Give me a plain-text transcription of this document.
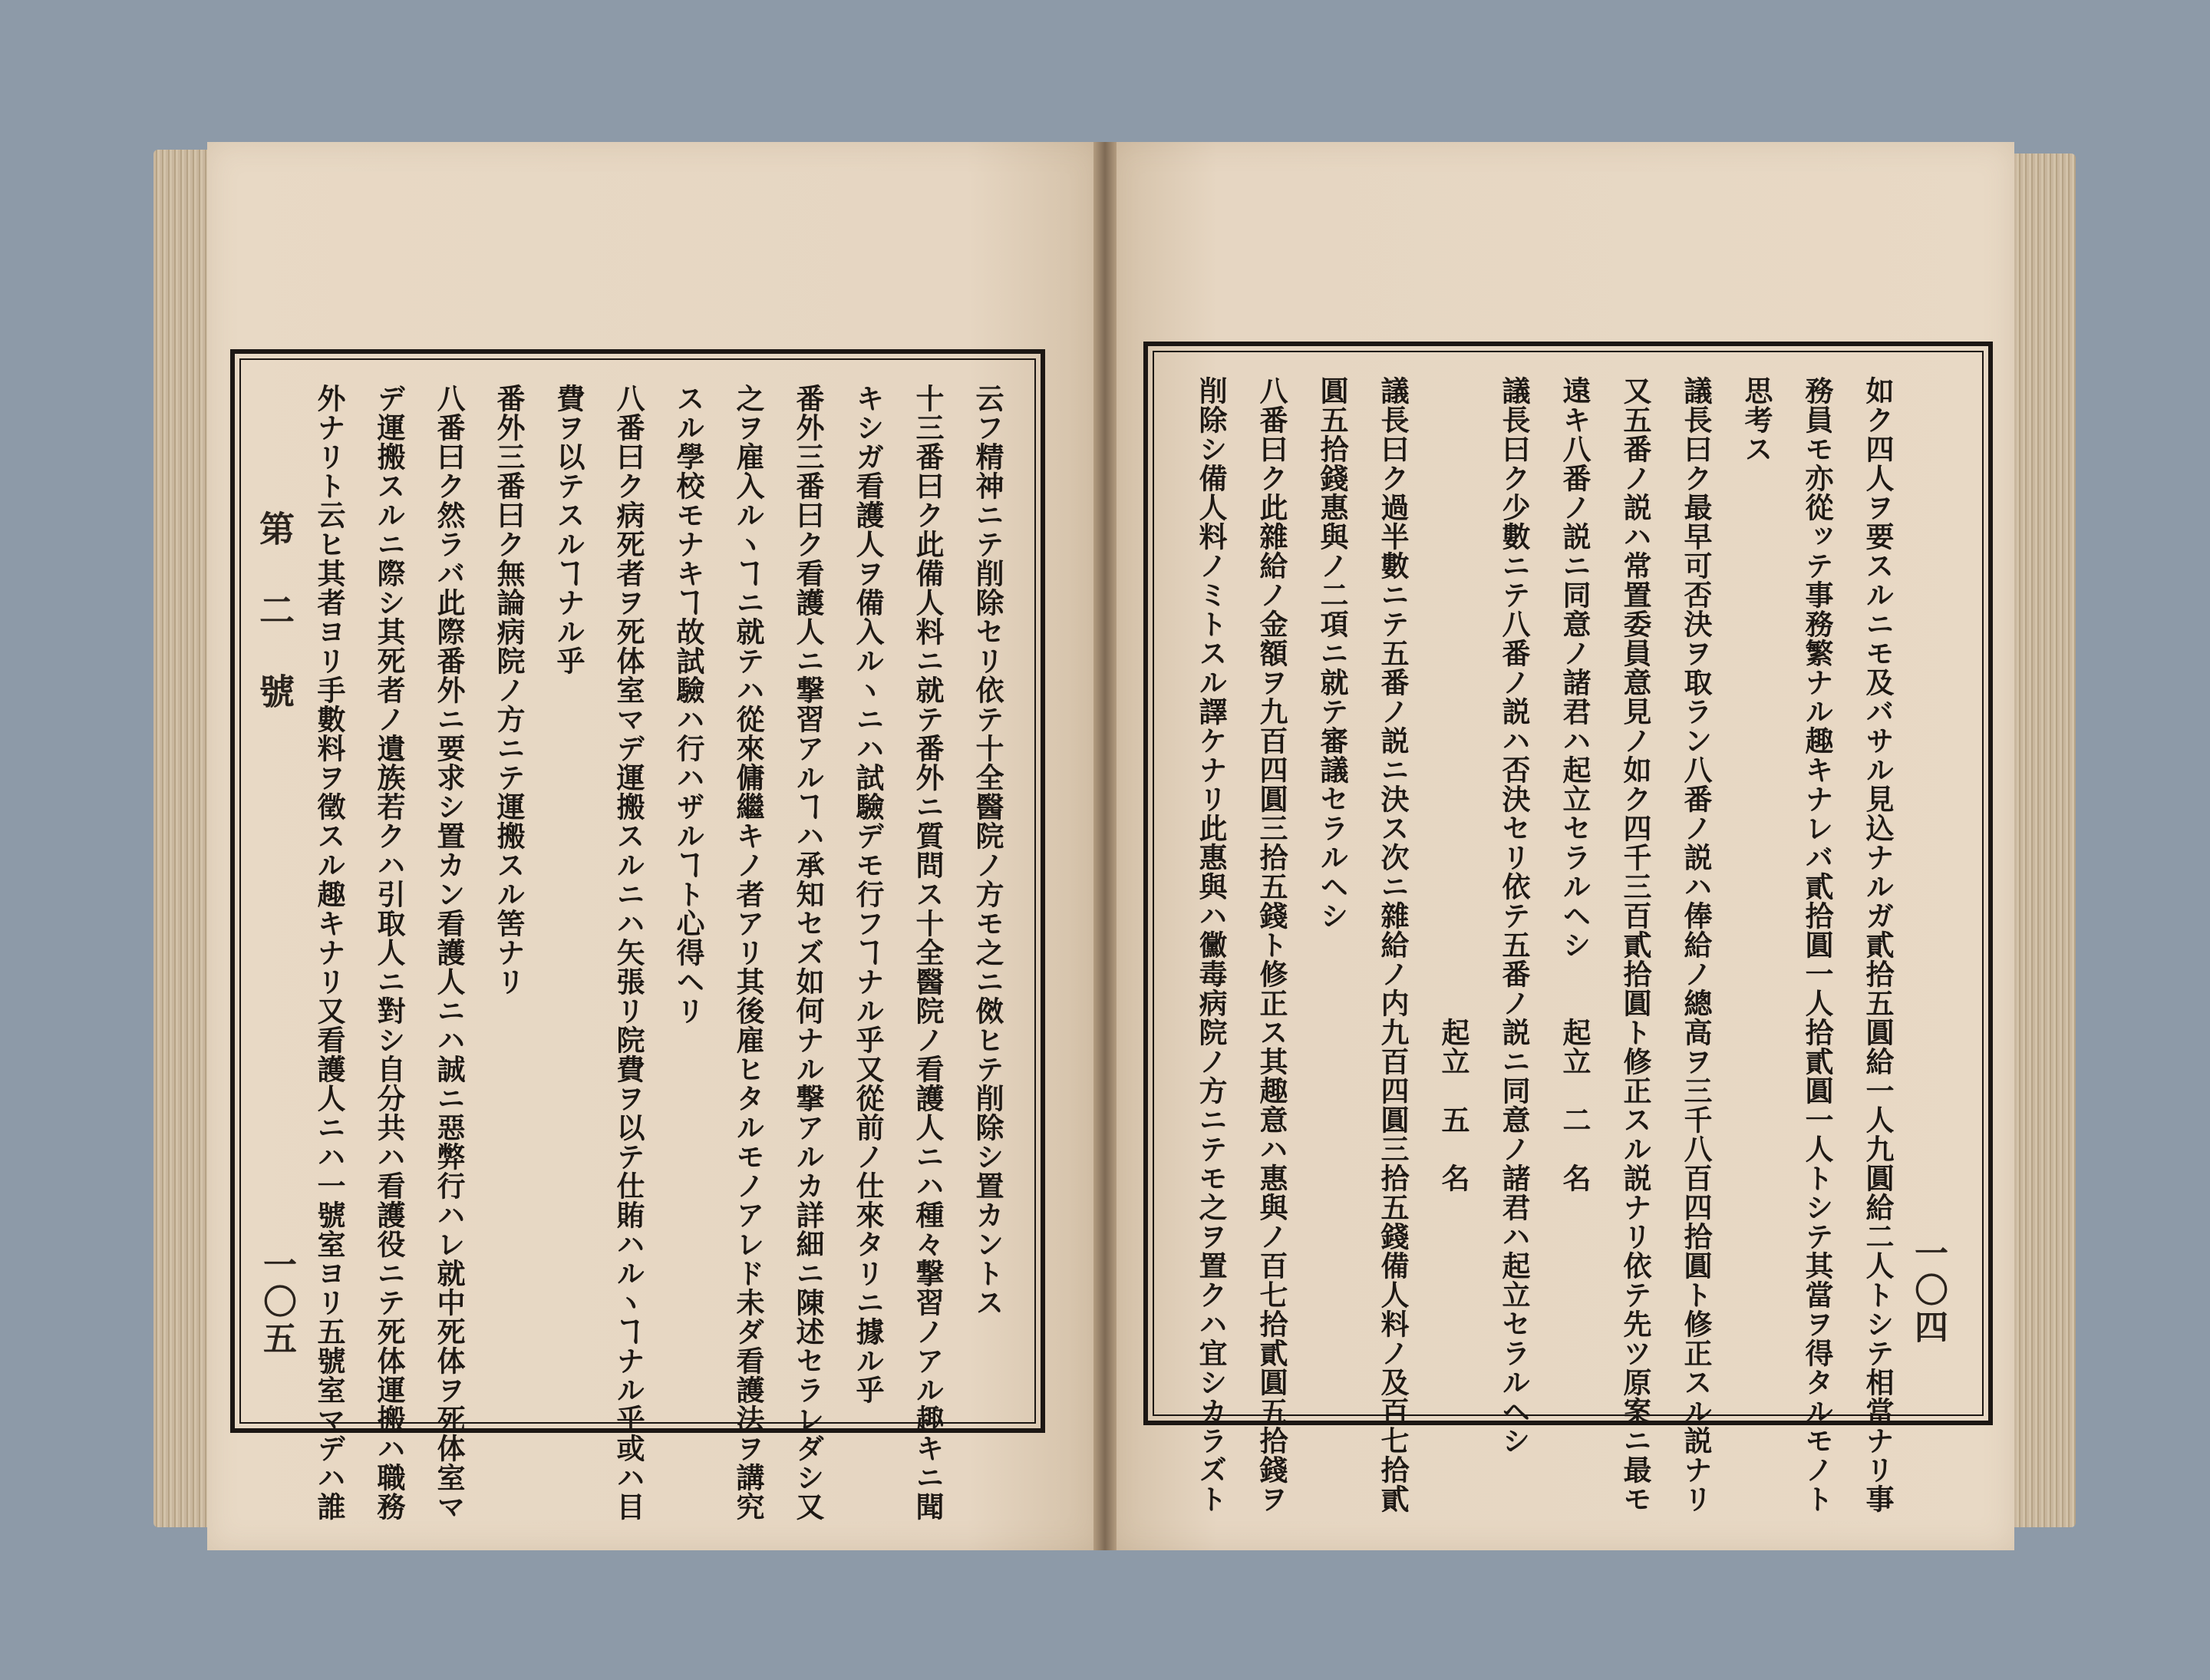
第二號
一〇五	云フ精神ニテ削除セリ依テ十全醫院ノ方モ之ニ傚ヒテ削除シ置カントス
十三番曰ク此備人料ニ就テ番外ニ質問ス十全醫院ノ看護人ニハ種々撃習ノアル趣キニ聞
キシガ看護人ヲ備入ルヽニハ試驗デモ行フヿナル乎又從前ノ仕來タリニ據ル乎
番外三番曰ク看護人ニ撃習アルヿハ承知セズ如何ナル撃アルカ詳細ニ陳述セラレダシ又
之ヲ雇入ルヽヿニ就テハ從來傭繼キノ者アリ其後雇ヒタルモノアレド未ダ看護法ヲ講究
スル學校モナキヿ故試驗ハ行ハザルヿト心得ヘリ
八番曰ク病死者ヲ死体室マデ運搬スルニハ矢張リ院費ヲ以テ仕賄ハルヽヿナル乎或ハ目
費ヲ以テスルヿナル乎
番外三番曰ク無論病院ノ方ニテ運搬スル筈ナリ
八番曰ク然ラバ此際番外ニ要求シ置カン看護人ニハ誠ニ惡弊行ハレ就中死体ヲ死体室マ
デ運搬スルニ際シ其死者ノ遺族若クハ引取人ニ對シ自分共ハ看護役ニテ死体運搬ハ職務
外ナリト云ヒ其者ヨリ手數料ヲ徵スル趣キナリ又看護人ニハ一號室ヨリ五號室マデハ誰	一〇四
如ク四人ヲ要スルニモ及バサル見込ナルガ貳拾五圓給一人九圓給二人トシテ相當ナリ事
務員モ亦從ッテ事務繁ナル趣キナレバ貳拾圓一人拾貳圓一人トシテ其當ヲ得タルモノト
思考ス
議長曰ク最早可否決ヲ取ラン八番ノ説ハ俸給ノ總高ヲ三千八百四拾圓ト修正スル説ナリ
又五番ノ説ハ常置委員意見ノ如ク四千三百貳拾圓ト修正スル説ナリ依テ先ツ原案ニ最モ
遠キ八番ノ説ニ同意ノ諸君ハ起立セラルヘシ　　起立　二　名
議長曰ク少數ニテ八番ノ説ハ否決セリ依テ五番ノ説ニ同意ノ諸君ハ起立セラルヘシ
　　　　　　　　　　　　　　　　　　　　　　起立　五　名
議長曰ク過半數ニテ五番ノ説ニ決ス次ニ雜給ノ内九百四圓三拾五錢備人料ノ及百七拾貳
圓五拾錢惠與ノ二項ニ就テ審議セラルヘシ
八番曰ク此雜給ノ金額ヲ九百四圓三拾五錢ト修正ス其趣意ハ惠與ノ百七拾貳圓五拾錢ヲ
削除シ備人料ノミトスル譯ケナリ此惠與ハ黴毒病院ノ方ニテモ之ヲ置クハ宜シカラズト
